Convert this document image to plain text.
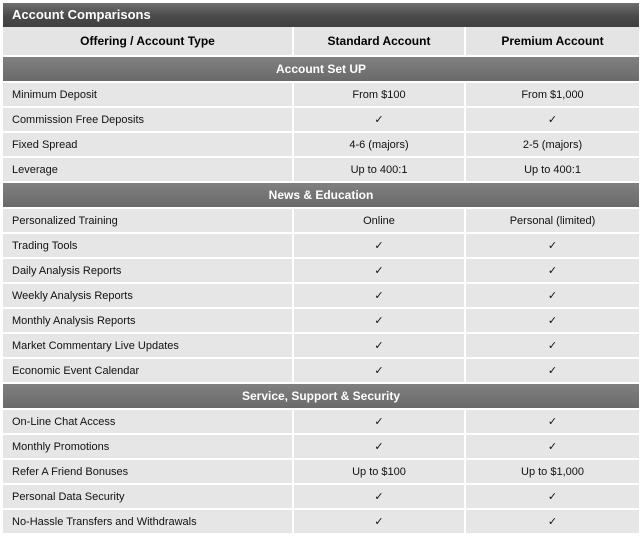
Account Comparisons
Offering / Account Type	Standard Account	Premium Account
Account Set UP		
Minimum Deposit	From $100	From $1,000
Commission Free Deposits	✓	✓
Fixed Spread	4-6 (majors)	2-5 (majors)
Leverage	Up to 400:1	Up to 400:1
News & Education		
Personalized Training	Online	Personal (limited)
Trading Tools	✓	✓
Daily Analysis Reports	✓	✓
Weekly Analysis Reports	✓	✓
Monthly Analysis Reports	✓	✓
Market Commentary Live Updates	✓	✓
Economic Event Calendar	✓	✓
Service, Support & Security		
On-Line Chat Access	✓	✓
Monthly Promotions	✓	✓
Refer A Friend Bonuses	Up to $100	Up to $1,000
Personal Data Security	✓	✓
No-Hassle Transfers and Withdrawals	✓	✓
